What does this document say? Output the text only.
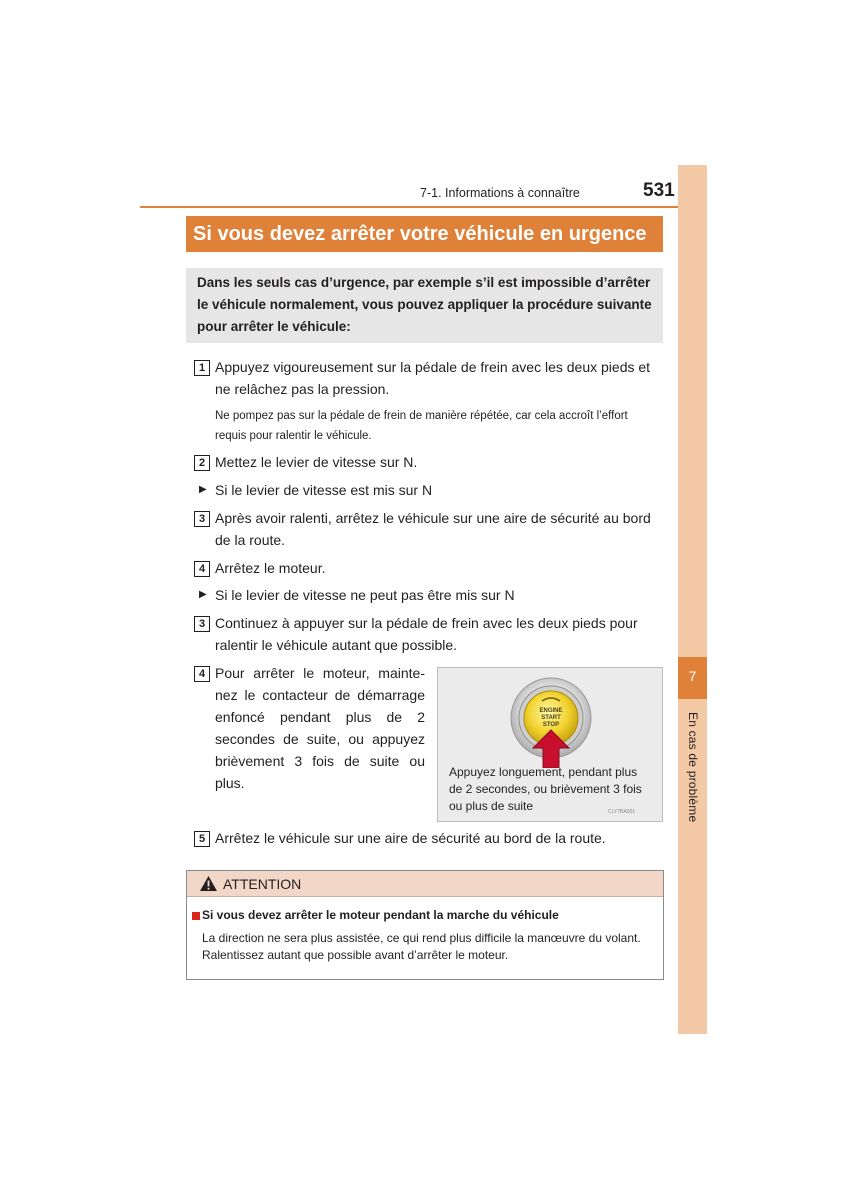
7-1. Informations à connaître	531
7
En cas de problème
Si vous devez arrêter votre véhicule en urgence
Dans les seuls cas d’urgence, par exemple s’il est impossible d’arrêter le véhicule normalement, vous pouvez appliquer la procédure suivante pour arrêter le véhicule:
1 Appuyez vigoureusement sur la pédale de frein avec les deux pieds et
ne relâchez pas la pression.
Ne pompez pas sur la pédale de frein de manière répétée, car cela accroît l’effort
requis pour ralentir le véhicule.
2 Mettez le levier de vitesse sur N.
▶ Si le levier de vitesse est mis sur N
3 Après avoir ralenti, arrêtez le véhicule sur une aire de sécurité au bord
de la route.
4 Arrêtez le moteur.
▶ Si le levier de vitesse ne peut pas être mis sur N
3 Continuez à appuyer sur la pédale de frein avec les deux pieds pour
ralentir le véhicule autant que possible.
4 Pour arrêter le moteur, mainte-
nez le contacteur de démarrage
enfoncé pendant plus de 2
secondes de suite, ou appuyez
brièvement 3 fois de suite ou
plus.
ENGINE
START
STOP
Appuyez longuement, pendant plus
de 2 secondes, ou brièvement 3 fois
ou plus de suite	CLY7BA001
5 Arrêtez le véhicule sur une aire de sécurité au bord de la route.
ATTENTION
Si vous devez arrêter le moteur pendant la marche du véhicule
La direction ne sera plus assistée, ce qui rend plus difficile la manœuvre du volant.
Ralentissez autant que possible avant d’arrêter le moteur.
